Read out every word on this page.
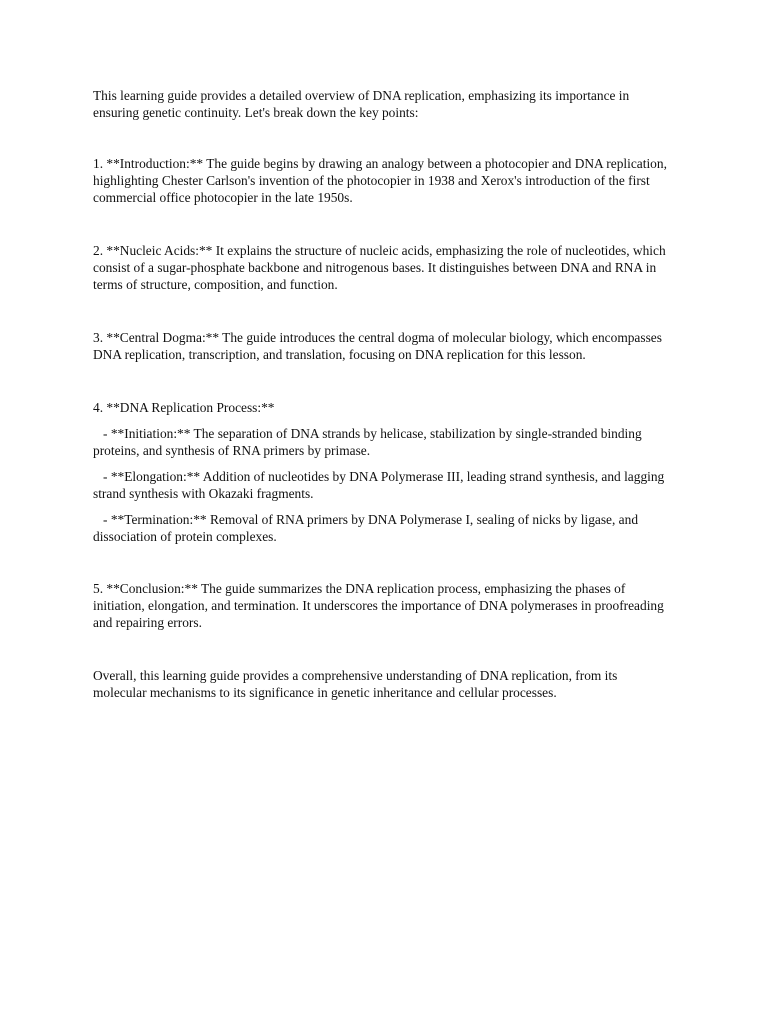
This learning guide provides a detailed overview of DNA replication, emphasizing its importance in ensuring genetic continuity. Let's break down the key points:

1. **Introduction:** The guide begins by drawing an analogy between a photocopier and DNA replication, highlighting Chester Carlson's invention of the photocopier in 1938 and Xerox's introduction of the first commercial office photocopier in the late 1950s.

2. **Nucleic Acids:** It explains the structure of nucleic acids, emphasizing the role of nucleotides, which consist of a sugar-phosphate backbone and nitrogenous bases. It distinguishes between DNA and RNA in terms of structure, composition, and function.

3. **Central Dogma:** The guide introduces the central dogma of molecular biology, which encompasses DNA replication, transcription, and translation, focusing on DNA replication for this lesson.

4. **DNA Replication Process:**

- **Initiation:** The separation of DNA strands by helicase, stabilization by single-stranded binding proteins, and synthesis of RNA primers by primase.

- **Elongation:** Addition of nucleotides by DNA Polymerase III, leading strand synthesis, and lagging strand synthesis with Okazaki fragments.

- **Termination:** Removal of RNA primers by DNA Polymerase I, sealing of nicks by ligase, and dissociation of protein complexes.

5. **Conclusion:** The guide summarizes the DNA replication process, emphasizing the phases of initiation, elongation, and termination. It underscores the importance of DNA polymerases in proofreading and repairing errors.

Overall, this learning guide provides a comprehensive understanding of DNA replication, from its molecular mechanisms to its significance in genetic inheritance and cellular processes.
